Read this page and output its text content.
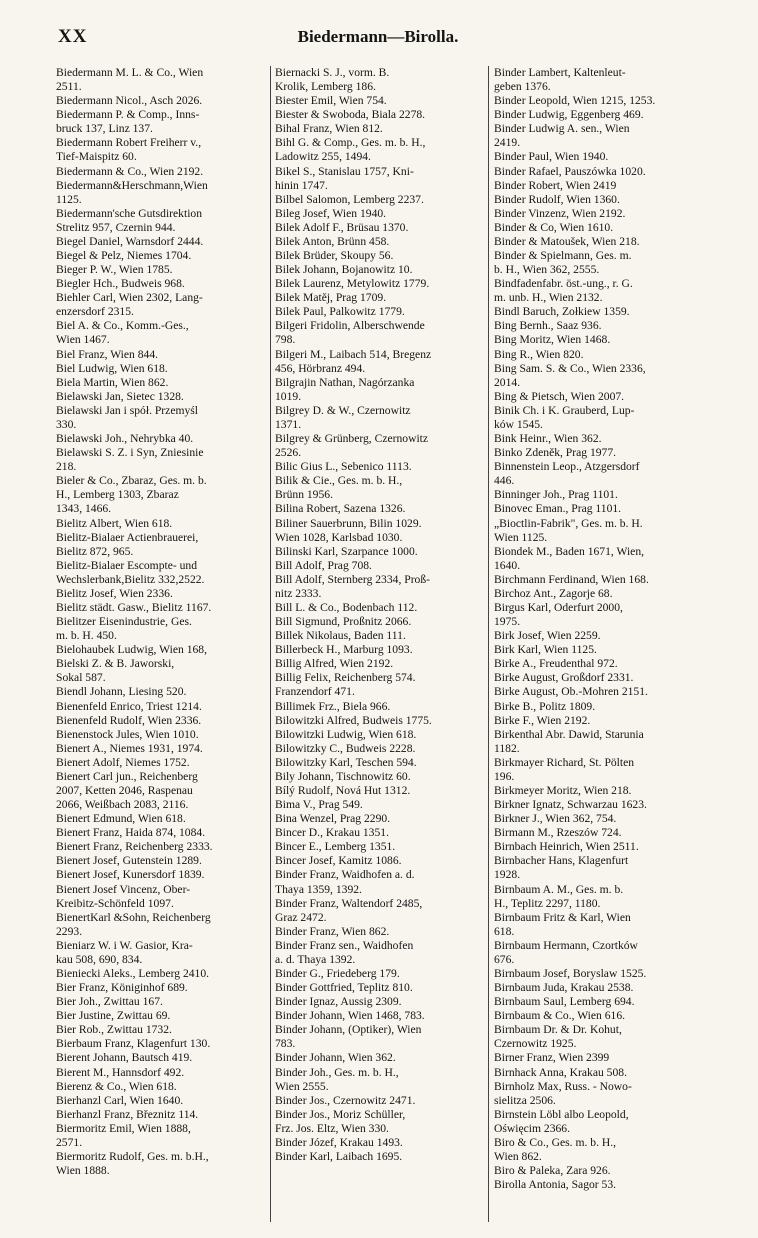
XX	Biedermann—Birolla.
Biedermann M. L. & Co., Wien
2511.
Biedermann Nicol., Asch 2026.
Biedermann P. & Comp., Inns-
bruck 137, Linz 137.
Biedermann Robert Freiherr v.,
Tief-Maispitz 60.
Biedermann & Co., Wien 2192.
Biedermann&Herschmann,Wien
1125.
Biedermann'sche Gutsdirektion
Strelitz 957, Czernin 944.
Biegel Daniel, Warnsdorf 2444.
Biegel & Pelz, Niemes 1704.
Bieger P. W., Wien 1785.
Biegler Hch., Budweis 968.
Biehler Carl, Wien 2302, Lang-
enzersdorf 2315.
Biel A. & Co., Komm.-Ges.,
Wien 1467.
Biel Franz, Wien 844.
Biel Ludwig, Wien 618.
Biela Martin, Wien 862.
Bielawski Jan, Sietec 1328.
Bielawski Jan i spół. Przemyśl
330.
Bielawski Joh., Nehrybka 40.
Bielawski S. Z. i Syn, Zniesinie
218.
Bieler & Co., Zbaraz, Ges. m. b.
H., Lemberg 1303, Zbaraz
1343, 1466.
Bielitz Albert, Wien 618.
Bielitz-Bialaer Actienbrauerei,
Bielitz 872, 965.
Bielitz-Bialaer Escompte- und
Wechslerbank,Bielitz 332,2522.
Bielitz Josef, Wien 2336.
Bielitz städt. Gasw., Bielitz 1167.
Bielitzer Eisenindustrie, Ges.
m. b. H. 450.
Bielohaubek Ludwig, Wien 168,
Bielski Z. & B. Jaworski,
Sokal 587.
Biendl Johann, Liesing 520.
Bienenfeld Enrico, Triest 1214.
Bienenfeld Rudolf, Wien 2336.
Bienenstock Jules, Wien 1010.
Bienert A., Niemes 1931, 1974.
Bienert Adolf, Niemes 1752.
Bienert Carl jun., Reichenberg
2007, Ketten 2046, Raspenau
2066, Weißbach 2083, 2116.
Bienert Edmund, Wien 618.
Bienert Franz, Haida 874, 1084.
Bienert Franz, Reichenberg 2333.
Bienert Josef, Gutenstein 1289.
Bienert Josef, Kunersdorf 1839.
Bienert Josef Vincenz, Ober-
Kreibitz-Schönfeld 1097.
BienertKarl &Sohn, Reichenberg
2293.
Bieniarz W. i W. Gasior, Kra-
kau 508, 690, 834.
Bieniecki Aleks., Lemberg 2410.
Bier Franz, Königinhof 689.
Bier Joh., Zwittau 167.
Bier Justine, Zwittau 69.
Bier Rob., Zwittau 1732.
Bierbaum Franz, Klagenfurt 130.
Bierent Johann, Bautsch 419.
Bierent M., Hannsdorf 492.
Bierenz & Co., Wien 618.
Bierhanzl Carl, Wien 1640.
Bierhanzl Franz, Březnitz 114.
Biermoritz Emil, Wien 1888,
2571.
Biermoritz Rudolf, Ges. m. b.H.,
Wien 1888.
Biernacki S. J., vorm. B.
Krolik, Lemberg 186.
Biester Emil, Wien 754.
Biester & Swoboda, Biala 2278.
Bihal Franz, Wien 812.
Bihl G. & Comp., Ges. m. b. H.,
Ladowitz 255, 1494.
Bikel S., Stanislau 1757, Kni-
hinin 1747.
Bilbel Salomon, Lemberg 2237.
Bileg Josef, Wien 1940.
Bilek Adolf F., Brüsau 1370.
Bilek Anton, Brünn 458.
Bilek Brüder, Skoupy 56.
Bilek Johann, Bojanowitz 10.
Bilek Laurenz, Metylowitz 1779.
Bilek Matěj, Prag 1709.
Bilek Paul, Palkowitz 1779.
Bilgeri Fridolin, Alberschwende
798.
Bilgeri M., Laibach 514, Bregenz
456, Hörbranz 494.
Bilgrajin Nathan, Nagórzanka
1019.
Bilgrey D. & W., Czernowitz
1371.
Bilgrey & Grünberg, Czernowitz
2526.
Bilic Gius L., Sebenico 1113.
Bilik & Cie., Ges. m. b. H.,
Brünn 1956.
Bilina Robert, Sazena 1326.
Biliner Sauerbrunn, Bilin 1029.
Wien 1028, Karlsbad 1030.
Bilinski Karl, Szarpance 1000.
Bill Adolf, Prag 708.
Bill Adolf, Sternberg 2334, Proß-
nitz 2333.
Bill L. & Co., Bodenbach 112.
Bill Sigmund, Proßnitz 2066.
Billek Nikolaus, Baden 111.
Billerbeck H., Marburg 1093.
Billig Alfred, Wien 2192.
Billig Felix, Reichenberg 574.
Franzendorf 471.
Billimek Frz., Biela 966.
Bilowitzki Alfred, Budweis 1775.
Bilowitzki Ludwig, Wien 618.
Bilowitzky C., Budweis 2228.
Bilowitzky Karl, Teschen 594.
Bily Johann, Tischnowitz 60.
Bílý Rudolf, Nová Hut 1312.
Bima V., Prag 549.
Bina Wenzel, Prag 2290.
Bincer D., Krakau 1351.
Bincer E., Lemberg 1351.
Bincer Josef, Kamitz 1086.
Binder Franz, Waidhofen a. d.
Thaya 1359, 1392.
Binder Franz, Waltendorf 2485,
Graz 2472.
Binder Franz, Wien 862.
Binder Franz sen., Waidhofen
a. d. Thaya 1392.
Binder G., Friedeberg 179.
Binder Gottfried, Teplitz 810.
Binder Ignaz, Aussig 2309.
Binder Johann, Wien 1468, 783.
Binder Johann, (Optiker), Wien
783.
Binder Johann, Wien 362.
Binder Joh., Ges. m. b. H.,
Wien 2555.
Binder Jos., Czernowitz 2471.
Binder Jos., Moriz Schüller,
Frz. Jos. Eltz, Wien 330.
Binder Józef, Krakau 1493.
Binder Karl, Laibach 1695.
Binder Lambert, Kaltenleut-
geben 1376.
Binder Leopold, Wien 1215, 1253.
Binder Ludwig, Eggenberg 469.
Binder Ludwig A. sen., Wien
2419.
Binder Paul, Wien 1940.
Binder Rafael, Pauszówka 1020.
Binder Robert, Wien 2419
Binder Rudolf, Wien 1360.
Binder Vinzenz, Wien 2192.
Binder & Co, Wien 1610.
Binder & Matoušek, Wien 218.
Binder & Spielmann, Ges. m.
b. H., Wien 362, 2555.
Bindfadenfabr. öst.-ung., r. G.
m. unb. H., Wien 2132.
Bindl Baruch, Zołkiew 1359.
Bing Bernh., Saaz 936.
Bing Moritz, Wien 1468.
Bing R., Wien 820.
Bing Sam. S. & Co., Wien 2336,
2014.
Bing & Pietsch, Wien 2007.
Binik Ch. i K. Grauberd, Lup-
ków 1545.
Bink Heinr., Wien 362.
Binko Zdeněk, Prag 1977.
Binnenstein Leop., Atzgersdorf
446.
Binninger Joh., Prag 1101.
Binovec Eman., Prag 1101.
„Bioctlin-Fabrik", Ges. m. b. H.
Wien 1125.
Biondek M., Baden 1671, Wien,
1640.
Birchmann Ferdinand, Wien 168.
Birchoz Ant., Zagorje 68.
Birgus Karl, Oderfurt 2000,
1975.
Birk Josef, Wien 2259.
Birk Karl, Wien 1125.
Birke A., Freudenthal 972.
Birke August, Großdorf 2331.
Birke August, Ob.-Mohren 2151.
Birke B., Politz 1809.
Birke F., Wien 2192.
Birkenthal Abr. Dawid, Starunia
1182.
Birkmayer Richard, St. Pölten
196.
Birkmeyer Moritz, Wien 218.
Birkner Ignatz, Schwarzau 1623.
Birkner J., Wien 362, 754.
Birmann M., Rzeszów 724.
Birnbach Heinrich, Wien 2511.
Birnbacher Hans, Klagenfurt
1928.
Birnbaum A. M., Ges. m. b.
H., Teplitz 2297, 1180.
Birnbaum Fritz & Karl, Wien
618.
Birnbaum Hermann, Czortków
676.
Birnbaum Josef, Boryslaw 1525.
Birnbaum Juda, Krakau 2538.
Birnbaum Saul, Lemberg 694.
Birnbaum & Co., Wien 616.
Birnbaum Dr. & Dr. Kohut,
Czernowitz 1925.
Birner Franz, Wien 2399
Birnhack Anna, Krakau 508.
Birnholz Max, Russ. - Nowo-
sielitza 2506.
Birnstein Löbl albo Leopold,
Oświęcim 2366.
Biro & Co., Ges. m. b. H.,
Wien 862.
Biro & Paleka, Zara 926.
Birolla Antonia, Sagor 53.
